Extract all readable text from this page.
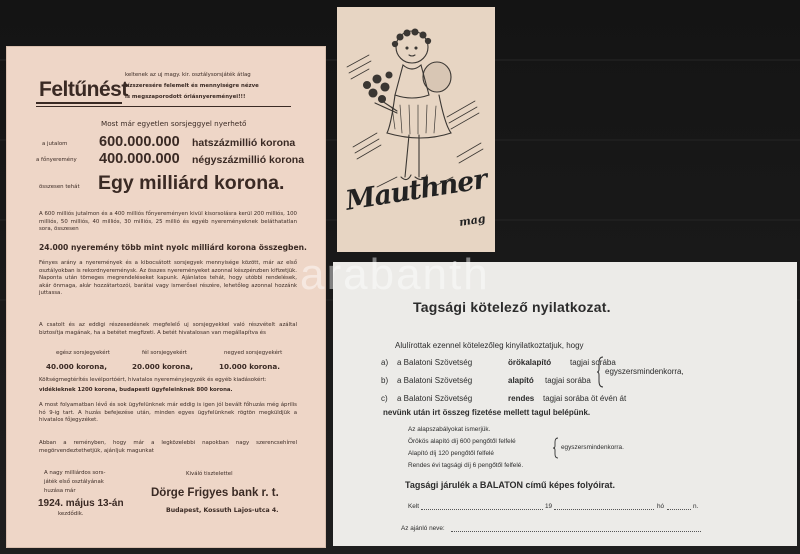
Feltűnést
keltenek az uj magy. kir. osztálysorsjáték átlag
tízszeresére felemelt és mennyiségre nézve
is megszaporodott óriásnyereményei!!!
Most már egyetlen sorsjeggyel nyerhető
a jutalom 600.000.000 hatszázmillió korona
a főnyeremény 400.000.000 négyszázmillió korona
összesen tehát Egy milliárd korona.
A 600 milliós jutalmon és a 400 milliós főnyereményen kivül kisorsolásra kerül 200 milliós, 100 milliós, 50 milliós, 40 milliós, 30 milliós, 25 millió és egyéb nyereményeknek beláthatatlan sora, összesen
24.000 nyeremény több mint nyolc milliárd korona összegben.
Fényes arány a nyeremények és a kibocsátott sorsjegyek mennyisége között, már az első osztályokban is rekordnyereménysk. Az összes nyereményeket azonnal készpénzben kifizetjük. Naponta után tömeges megrendeléseket kapunk. Ajánlatos tehát, hogy utóbbi rendelések, akár önmaga, akár hozzátartozói, barátai vagy ismerősei részére, lehetőleg azonnal hozzánk juttassa.
A csatolt és az eddigi részesedésnek megfelelő uj sorsjegyekkel való részvételt azáltal biztosítja magának, ha a betétet megfizeti. A betét hivatalosan van megállapítva és
egész sorsjegyekért	fél sorsjegyekért	negyed sorsjegyekért
40.000 korona,	20.000 korona,	10.000 korona.
Költségmegtérítés levélportóért, hivatalos nyereményjegyzék és egyéb kiadásokért:
vidékieknek 1200 korona, budapesti ügyfeleinknek 800 korona.
A most folyamatban lévő és sok ügyfelünknek már eddig is igen jól bevált főhuzás még április hó 9-ig tart. A huzás befejezése után, minden egyes ügyfelünknek rögtön megküldjük a hivatalos főjegyzéket.
Abban a reményben, hogy már a legközelebbi napokban nagy szerencsehírrel megörvendeztethetjük, ajánljuk magunkat
A nagy milliárdos sors-
játék első osztályának
huzása már
1924. május 13-án
kezdődik.
Kiváló tisztelettel
Dörge Frigyes bank r. t.
Budapest, Kossuth Lajos-utca 4.
Mauthner
mag
Tagsági kötelező nyilatkozat.
Alulírottak ezennel kötelezőleg kinyilatkoztatjuk, hogy
a) a Balatoni Szövetség	örökalapító tagjai sorába
b) a Balatoni Szövetség	alapító tagjai sorába
egyszersmindenkorra,
c) a Balatoni Szövetség	rendes tagjai sorába öt évén át
nevünk után irt összeg fizetése mellett tagul belépünk.
Az alapszabályokat ismerjük.
Örökös alapító díj 600 pengőtől felfelé
Alapító díj 120 pengőtől felfelé
Rendes évi tagsági díj 6 pengőtől felfelé.
egyszersmindenkorra.
Tagsági járulék a BALATON című képes folyóirat.
Kelt	19	hó	n.
Az ajánló neve:
arabanth
